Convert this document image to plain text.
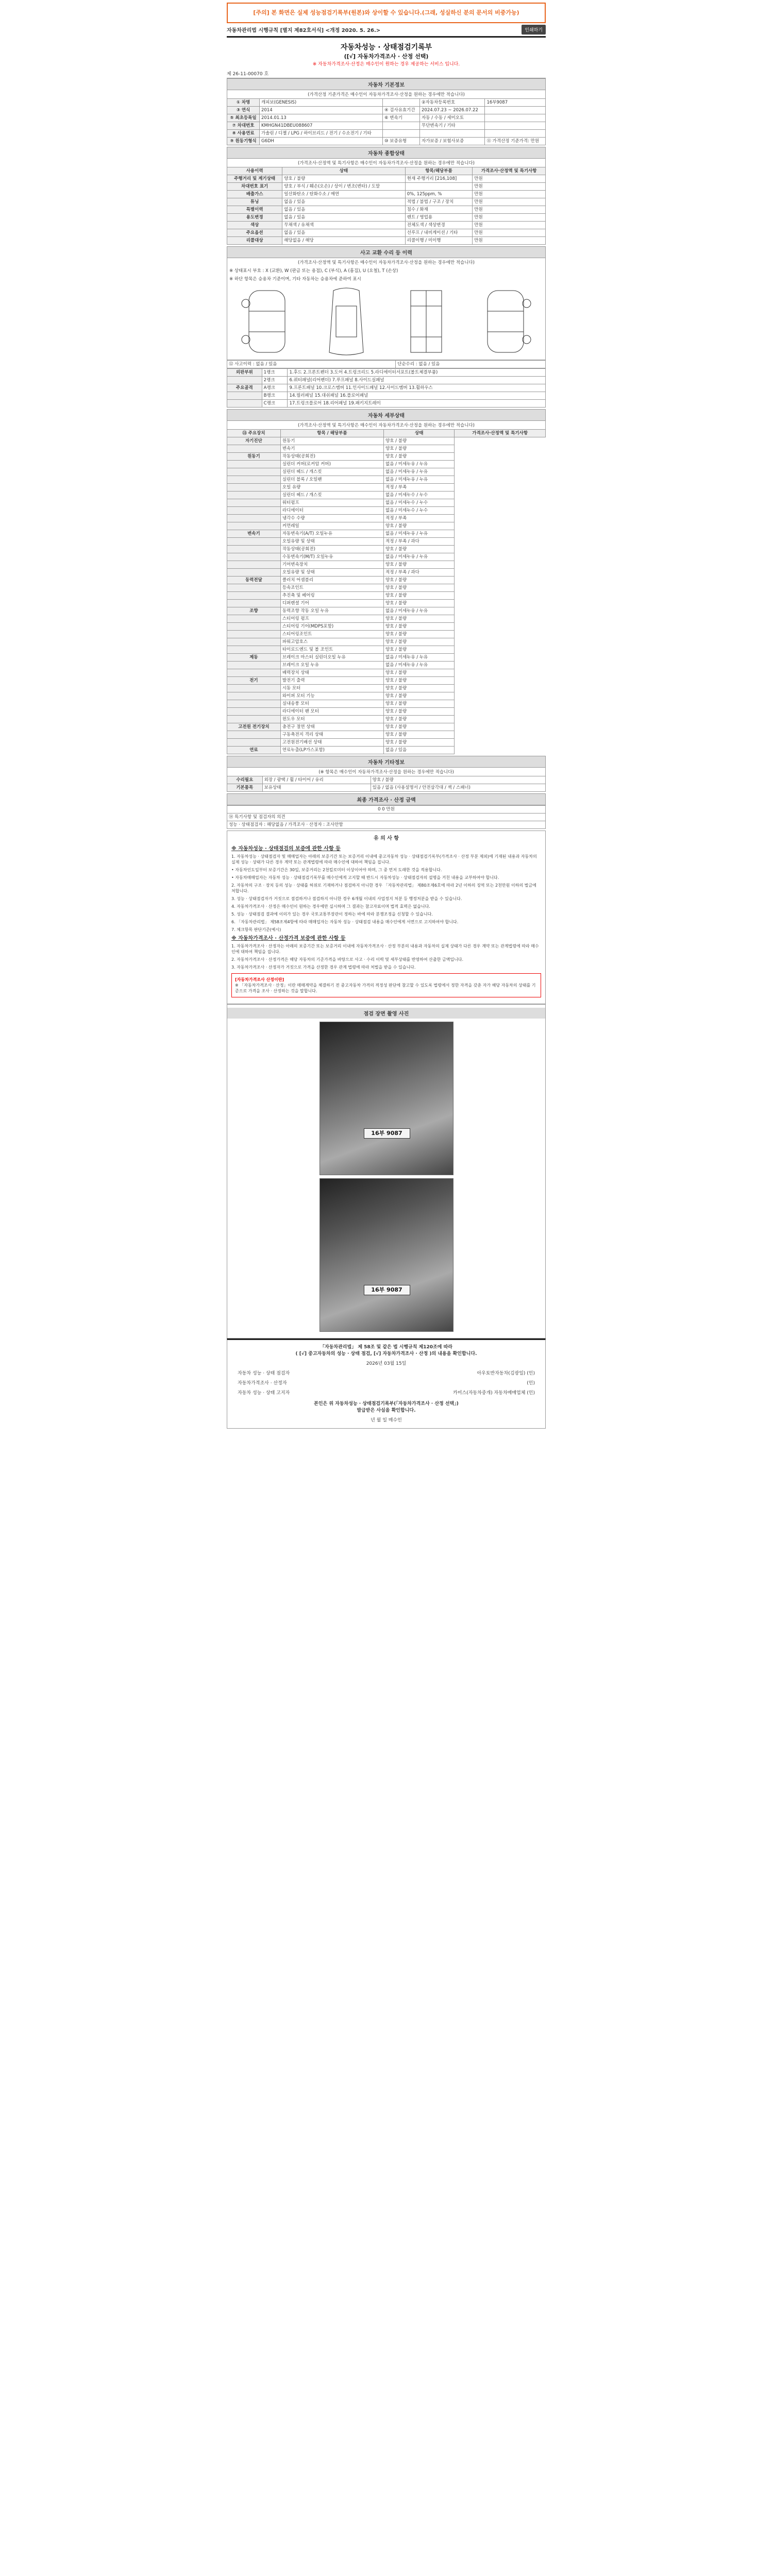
[주의] 본 화면은 실제 성능점검기록부(원본)와 상이할 수 있습니다.(그래, 성실하신 분의 문서의 비중가능)
자동차관리법 시행규칙 [별지 제82호서식] <개정 2020. 5. 26.>	인쇄하기
자동차성능 · 상태점검기록부
([√] 자동차가격조사 · 산정 선택)
※ 자동차가격조사·산정은 매수인이 원하는 경우 제공하는 서비스 입니다.
제 26-11-00070 호
자동차 기본정보
(가격산정 기준가격은 매수인이 자동차가격조사·산정을 원하는 경우에만 적습니다)
① 차명	캐피보(GENESIS)		②자동차등록번호	16부9087
③ 연식	2014	④ 검사유효기간	2024.07.23 ~ 2026.07.22	
⑤ 최초등록일	2014.01.13	⑥ 변속기	자동 / 수동 / 세미오토	
⑦ 차대번호	KMHGN41DBEU088607		무단변속기 / 기타	
⑧ 사용연료	가솔린 / 디젤 / LPG / 하이브리드 / 전기 / 수소전기 / 기타			
⑨ 원동기형식	G6DH	⑩ 보증유형	자가보증 / 보험사보증	⑪ 가격산정 기준가격: 만원
자동차 종합상태
(가격조사·산정액 및 특기사항은 매수인이 자동차가격조사·산정을 원하는 경우에만 적습니다)
사용이력	상태	항목/해당부품	가격조사·산정액 및 특기사항
주행거리 및 계기상태	양호 / 불량	현재 주행거리 [216,108]	만원
차대번호 표기	양호 / 부식 / 훼손(오손) / 상이 / 변조(변타) / 도말		만원
배출가스	일산화탄소 / 탄화수소 / 매연	0%, 125ppm, %	만원
튜닝	없음 / 있음	적법 / 불법 / 구조 / 장치	만원
특별이력	없음 / 있음	침수 / 화재	만원
용도변경	없음 / 있음	렌트 / 영업용	만원
색상	무채색 / 유채색	전체도색 / 색상변경	만원
주요옵션	없음 / 있음	선루프 / 내비게이션 / 기타	만원
리콜대상	해당없음 / 해당	리콜이행 / 미이행	만원
사고 교환 수리 등 이력
(가격조사·산정액 및 특기사항은 매수인이 자동차가격조사·산정을 원하는 경우에만 적습니다)
※ 상태표시 부호 : X (교환), W (판금 또는 용접), C (부식), A (흠집), U (요철), T (손상)
※ 하단 항목은 승용차 기준이며, 기타 자동차는 승용차에 준하여 표시
⑫ 사고이력 : 없음 / 있음	단순수리 : 없음 / 있음
외판부위	1랭크	1.후드 2.프론트펜더 3.도어 4.트렁크리드 5.라디에이터서포트(볼트체결부품)
	2랭크	6.쿼터패널(리어펜더) 7.루프패널 8.사이드실패널
주요골격	A랭크	9.프론트패널 10.크로스멤버 11.인사이드패널 12.사이드멤버 13.휠하우스
	B랭크	14.필러패널 15.대쉬패널 16.플로어패널
	C랭크	17.트렁크플로어 18.리어패널 19.패키지트레이
자동차 세부상태
(가격조사·산정액 및 특기사항은 매수인이 자동차가격조사·산정을 원하는 경우에만 적습니다)
⑬ 주요장치	항목 / 해당부품	상태	가격조사·산정액 및 특기사항
자기진단	원동기	양호 / 불량	
	변속기	양호 / 불량	
원동기	작동상태(공회전)	양호 / 불량	
	실린더 커버(로커암 커버)	없음 / 미세누유 / 누유	
	실린더 헤드 / 개스킷	없음 / 미세누유 / 누유	
	실린더 블록 / 오일팬	없음 / 미세누유 / 누유	
	오일 유량	적정 / 부족	
	실린더 헤드 / 개스킷	없음 / 미세누수 / 누수	
	워터펌프	없음 / 미세누수 / 누수	
	라디에이터	없음 / 미세누수 / 누수	
	냉각수 수량	적정 / 부족	
	커먼레일	양호 / 불량	
변속기	자동변속기(A/T) 오일누유	없음 / 미세누유 / 누유	
	오일유량 및 상태	적정 / 부족 / 과다	
	작동상태(공회전)	양호 / 불량	
	수동변속기(M/T) 오일누유	없음 / 미세누유 / 누유	
	기어변속장치	양호 / 불량	
	오일유량 및 상태	적정 / 부족 / 과다	
동력전달	클러치 어셈블리	양호 / 불량	
	등속조인트	양호 / 불량	
	추진축 및 베어링	양호 / 불량	
	디퍼렌셜 기어	양호 / 불량	
조향	동력조향 작동 오일 누유	없음 / 미세누유 / 누유	
	스티어링 펌프	양호 / 불량	
	스티어링 기어(MDPS포함)	양호 / 불량	
	스티어링조인트	양호 / 불량	
	파워고압호스	양호 / 불량	
	타이로드엔드 및 볼 조인트	양호 / 불량	
제동	브레이크 마스터 실린더오일 누유	없음 / 미세누유 / 누유	
	브레이크 오일 누유	없음 / 미세누유 / 누유	
	배력장치 상태	양호 / 불량	
전기	발전기 출력	양호 / 불량	
	시동 모터	양호 / 불량	
	와이퍼 모터 기능	양호 / 불량	
	실내송풍 모터	양호 / 불량	
	라디에이터 팬 모터	양호 / 불량	
	윈도우 모터	양호 / 불량	
고전원 전기장치	충전구 절연 상태	양호 / 불량	
	구동축전지 격리 상태	양호 / 불량	
	고전원전기배선 상태	양호 / 불량	
연료	연료누출(LP가스포함)	없음 / 있음	
자동차 기타정보
(※ 항목은 매수인이 자동차가격조사·산정을 원하는 경우에만 적습니다)
수리필요	외장 / 광택 / 휠 / 타이어 / 유리	양호 / 불량
기본품목	보유상태	있음 / 없음 (사용설명서 / 안전삼각대 / 잭 / 스패너)
최종 가격조사 · 산정 금액
0 0 만원
⑭ 특기사항 및 점검자의 의견
성능 · 상태점검자 : 해당없음 / 가격조사 · 산정자 : 조사안함
유 의 사 항
※ 자동차성능 · 상태점검의 보증에 관한 사항 등

1. 자동차성능 · 상태점검자 및 매매업자는 아래의 보증기간 또는 보증거리 이내에 중고자동차 성능 · 상태점검기록부(가격조사 · 산정 부분 제외)에 기재된 내용과 자동차의 실제 성능 · 상태가 다른 경우 계약 또는 관계법령에 따라 매수인에 대하여 책임을 집니다.

• 자동차인도일부터 보증기간은 30일, 보증거리는 2천킬로미터 이상이어야 하며, 그 중 먼저 도래한 것을 적용합니다.

• 자동차매매업자는 자동차 성능 · 상태점검기록부를 매수인에게 고지할 때 반드시 자동차성능 · 상태점검자의 설명을 거친 내용을 교부하여야 합니다.

2. 자동차의 구조 · 장치 등의 성능 · 상태를 허위로 기재하거나 점검하지 아니한 경우 「자동차관리법」 제80조제6호에 따라 2년 이하의 징역 또는 2천만원 이하의 벌금에 처합니다.

3. 성능 · 상태점검자가 거짓으로 점검하거나 점검하지 아니한 경우 6개월 이내의 사업정지 처분 등 행정처분을 받을 수 있습니다.

4. 자동차가격조사 · 산정은 매수인이 원하는 경우에만 실시하며 그 결과는 참고자료이며 법적 효력은 없습니다.

5. 성능 · 상태점검 결과에 이의가 있는 경우 국토교통부장관이 정하는 바에 따라 분쟁조정을 신청할 수 있습니다.

6. 「자동차관리법」 제58조제4항에 따라 매매업자는 자동차 성능 · 상태점검 내용을 매수인에게 서면으로 고지하여야 합니다.

7. 체크항목 판단기준(예시)

※ 자동차가격조사 · 산정가격 보증에 관한 사항 등

1. 자동차가격조사 · 산정자는 아래의 보증기간 또는 보증거리 이내에 자동차가격조사 · 산정 부분의 내용과 자동차의 실제 상태가 다른 경우 계약 또는 관계법령에 따라 매수인에 대하여 책임을 집니다.

2. 자동차가격조사 · 산정가격은 해당 자동차의 기준가격을 바탕으로 사고 · 수리 이력 및 세부상태를 반영하여 산출한 금액입니다.

3. 자동차가격조사 · 산정자가 거짓으로 가격을 산정한 경우 관계 법령에 따라 처벌을 받을 수 있습니다.

[자동차가격조사 산정이란]
※ 「자동차가격조사 · 산정」이란 매매계약을 체결하기 전 중고자동차 가격의 적정성 판단에 참고할 수 있도록 법령에서 정한 자격을 갖춘 자가 해당 자동차의 상태를 기준으로 가격을 조사 · 산정하는 것을 말합니다.
점검 장면 촬영 사진
16부 9087
16부 9087
「자동차관리법」 제 58조 및 같은 법 시행규칙 제120조에 따라
( [√] 중고자동차의 성능 · 상태 점검, [√] 자동차가격조사 · 산정 )의 내용을 확인합니다.
2026년 03월 15일
자동차 성능 · 상태 점검자	아우토반자동차(김광일) (인)
자동차가격조사 · 산정자	(인)
자동차 성능 · 상태 고지자	카미스(자동차중개) 자동차매매업체 (인)
본인은 위 자동차성능 · 상태점검기록부(「자동차가격조사 · 산정 선택」)
발급받은 사실을 확인합니다.
년 월 일 매수인
